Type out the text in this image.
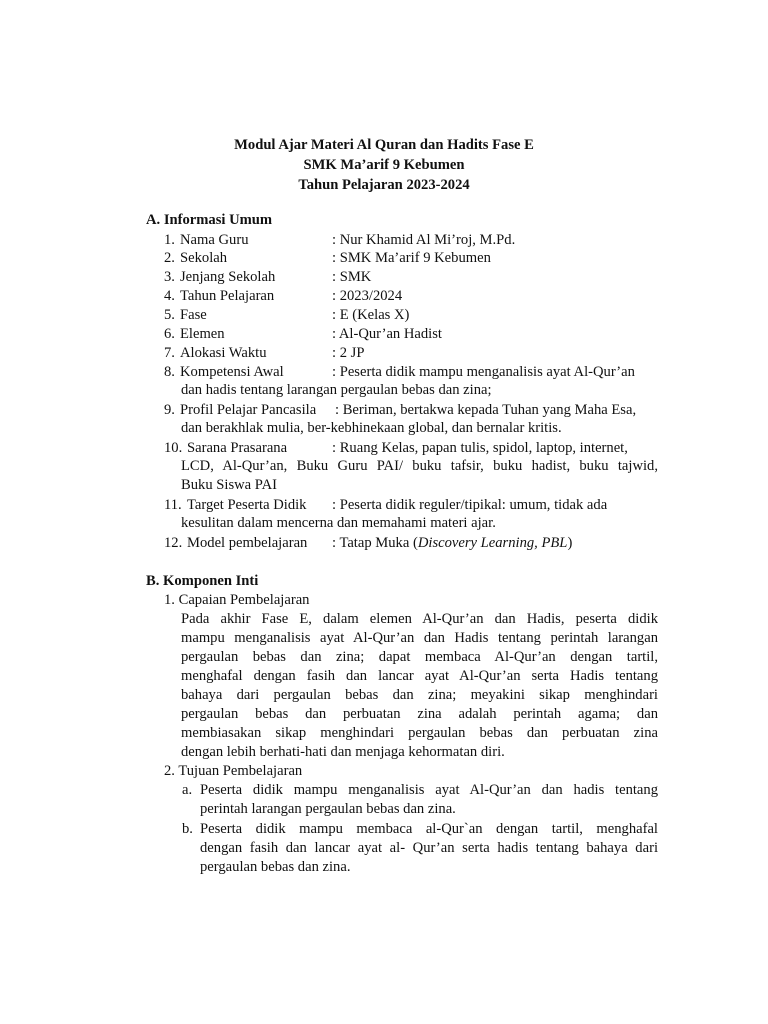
Modul Ajar Materi Al Quran dan Hadits Fase E
SMK Ma’arif 9 Kebumen
Tahun Pelajaran 2023-2024
A. Informasi Umum
1. Nama Guru	: Nur Khamid Al Mi’roj, M.Pd.
2. Sekolah	: SMK Ma’arif 9 Kebumen
3. Jenjang Sekolah	: SMK
4. Tahun Pelajaran	: 2023/2024
5. Fase	: E (Kelas X)
6. Elemen	: Al-Qur’an Hadist
7. Alokasi Waktu	: 2 JP
8. Kompetensi Awal	: Peserta didik mampu menganalisis ayat Al-Qur’an
dan hadis tentang larangan pergaulan bebas dan zina;
9. Profil Pelajar Pancasila : Beriman, bertakwa kepada Tuhan yang Maha Esa,
dan berakhlak mulia, ber-kebhinekaan global, dan bernalar kritis.
10. Sarana Prasarana	: Ruang Kelas, papan tulis, spidol, laptop, internet,
LCD, Al-Qur’an, Buku Guru PAI/ buku tafsir, buku hadist, buku tajwid,
Buku Siswa PAI
11. Target Peserta Didik : Peserta didik reguler/tipikal: umum, tidak ada
kesulitan dalam mencerna dan memahami materi ajar.
12. Model pembelajaran : Tatap Muka (Discovery Learning, PBL)
B. Komponen Inti
1. Capaian Pembelajaran
Pada akhir Fase E, dalam elemen Al-Qur’an dan Hadis, peserta didik
mampu menganalisis ayat Al-Qur’an dan Hadis tentang perintah larangan
pergaulan bebas dan zina; dapat membaca Al-Qur’an dengan tartil,
menghafal dengan fasih dan lancar ayat Al-Qur’an serta Hadis tentang
bahaya dari pergaulan bebas dan zina; meyakini sikap menghindari
pergaulan bebas dan perbuatan zina adalah perintah agama; dan
membiasakan sikap menghindari pergaulan bebas dan perbuatan zina
dengan lebih berhati-hati dan menjaga kehormatan diri.
2. Tujuan Pembelajaran
a. Peserta didik mampu menganalisis ayat Al-Qur’an dan hadis tentang
perintah larangan pergaulan bebas dan zina.
b. Peserta didik mampu membaca al-Qur`an dengan tartil, menghafal
dengan fasih dan lancar ayat al- Qur’an serta hadis tentang bahaya dari
pergaulan bebas dan zina.
